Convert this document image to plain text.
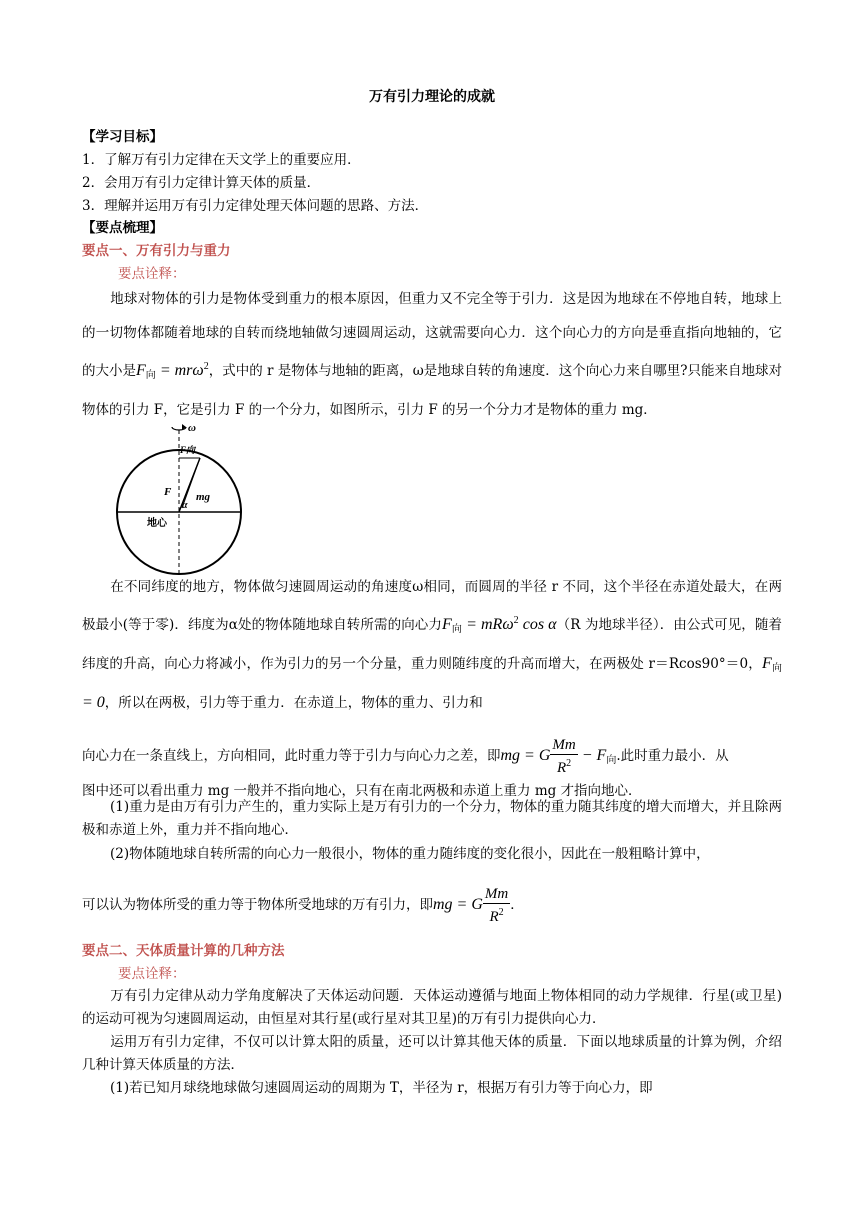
万有引力理论的成就
【学习目标】
1．了解万有引力定律在天文学上的重要应用．
2．会用万有引力定律计算天体的质量．
3．理解并运用万有引力定律处理天体问题的思路、方法．
【要点梳理】
要点一、万有引力与重力
要点诠释：
地球对物体的引力是物体受到重力的根本原因，但重力又不完全等于引力．这是因为地球在不停地自转，地球上的一切物体都随着地球的自转而绕地轴做匀速圆周运动，这就需要向心力．这个向心力的方向是垂直指向地轴的，它的大小是$F_向 = mr\omega^2$，式中的 r 是物体与地轴的距离，ω是地球自转的角速度．这个向心力来自哪里?只能来自地球对物体的引力 F，它是引力 F 的一个分力，如图所示，引力 F 的另一个分力才是物体的重力 mg．
ω
F向
F mg
α
地心
在不同纬度的地方，物体做匀速圆周运动的角速度ω相同，而圆周的半径 r 不同，这个半径在赤道处最大，在两极最小(等于零)．纬度为α处的物体随地球自转所需的向心力$F_向 = mR\omega^2$ cos α（R 为地球半径）．由公式可见，随着纬度的升高，向心力将减小，作为引力的另一个分量，重力则随纬度的升高而增大，在两极处 r＝Rcos90°＝0，$F_向 = 0$，所以在两极，引力等于重力．在赤道上，物体的重力、引力和
向心力在一条直线上，方向相同，此时重力等于引力与向心力之差，即mg = G $\frac{Mm}{R^2} - F_向$.此时重力最小．从
图中还可以看出重力 mg 一般并不指向地心，只有在南北两极和赤道上重力 mg 才指向地心．
(1)重力是由万有引力产生的，重力实际上是万有引力的一个分力，物体的重力随其纬度的增大而增大，并且除两极和赤道上外，重力并不指向地心．
(2)物体随地球自转所需的向心力一般很小，物体的重力随纬度的变化很小，因此在一般粗略计算中，
可以认为物体所受的重力等于物体所受地球的万有引力，即mg = G $\frac{Mm}{R^2}$ ．
要点二、天体质量计算的几种方法
要点诠释：
万有引力定律从动力学角度解决了天体运动问题．天体运动遵循与地面上物体相同的动力学规律．行星(或卫星)的运动可视为匀速圆周运动，由恒星对其行星(或行星对其卫星)的万有引力提供向心力．
运用万有引力定律，不仅可以计算太阳的质量，还可以计算其他天体的质量．下面以地球质量的计算为例，介绍几种计算天体质量的方法．
(1)若已知月球绕地球做匀速圆周运动的周期为 T，半径为 r，根据万有引力等于向心力，即
